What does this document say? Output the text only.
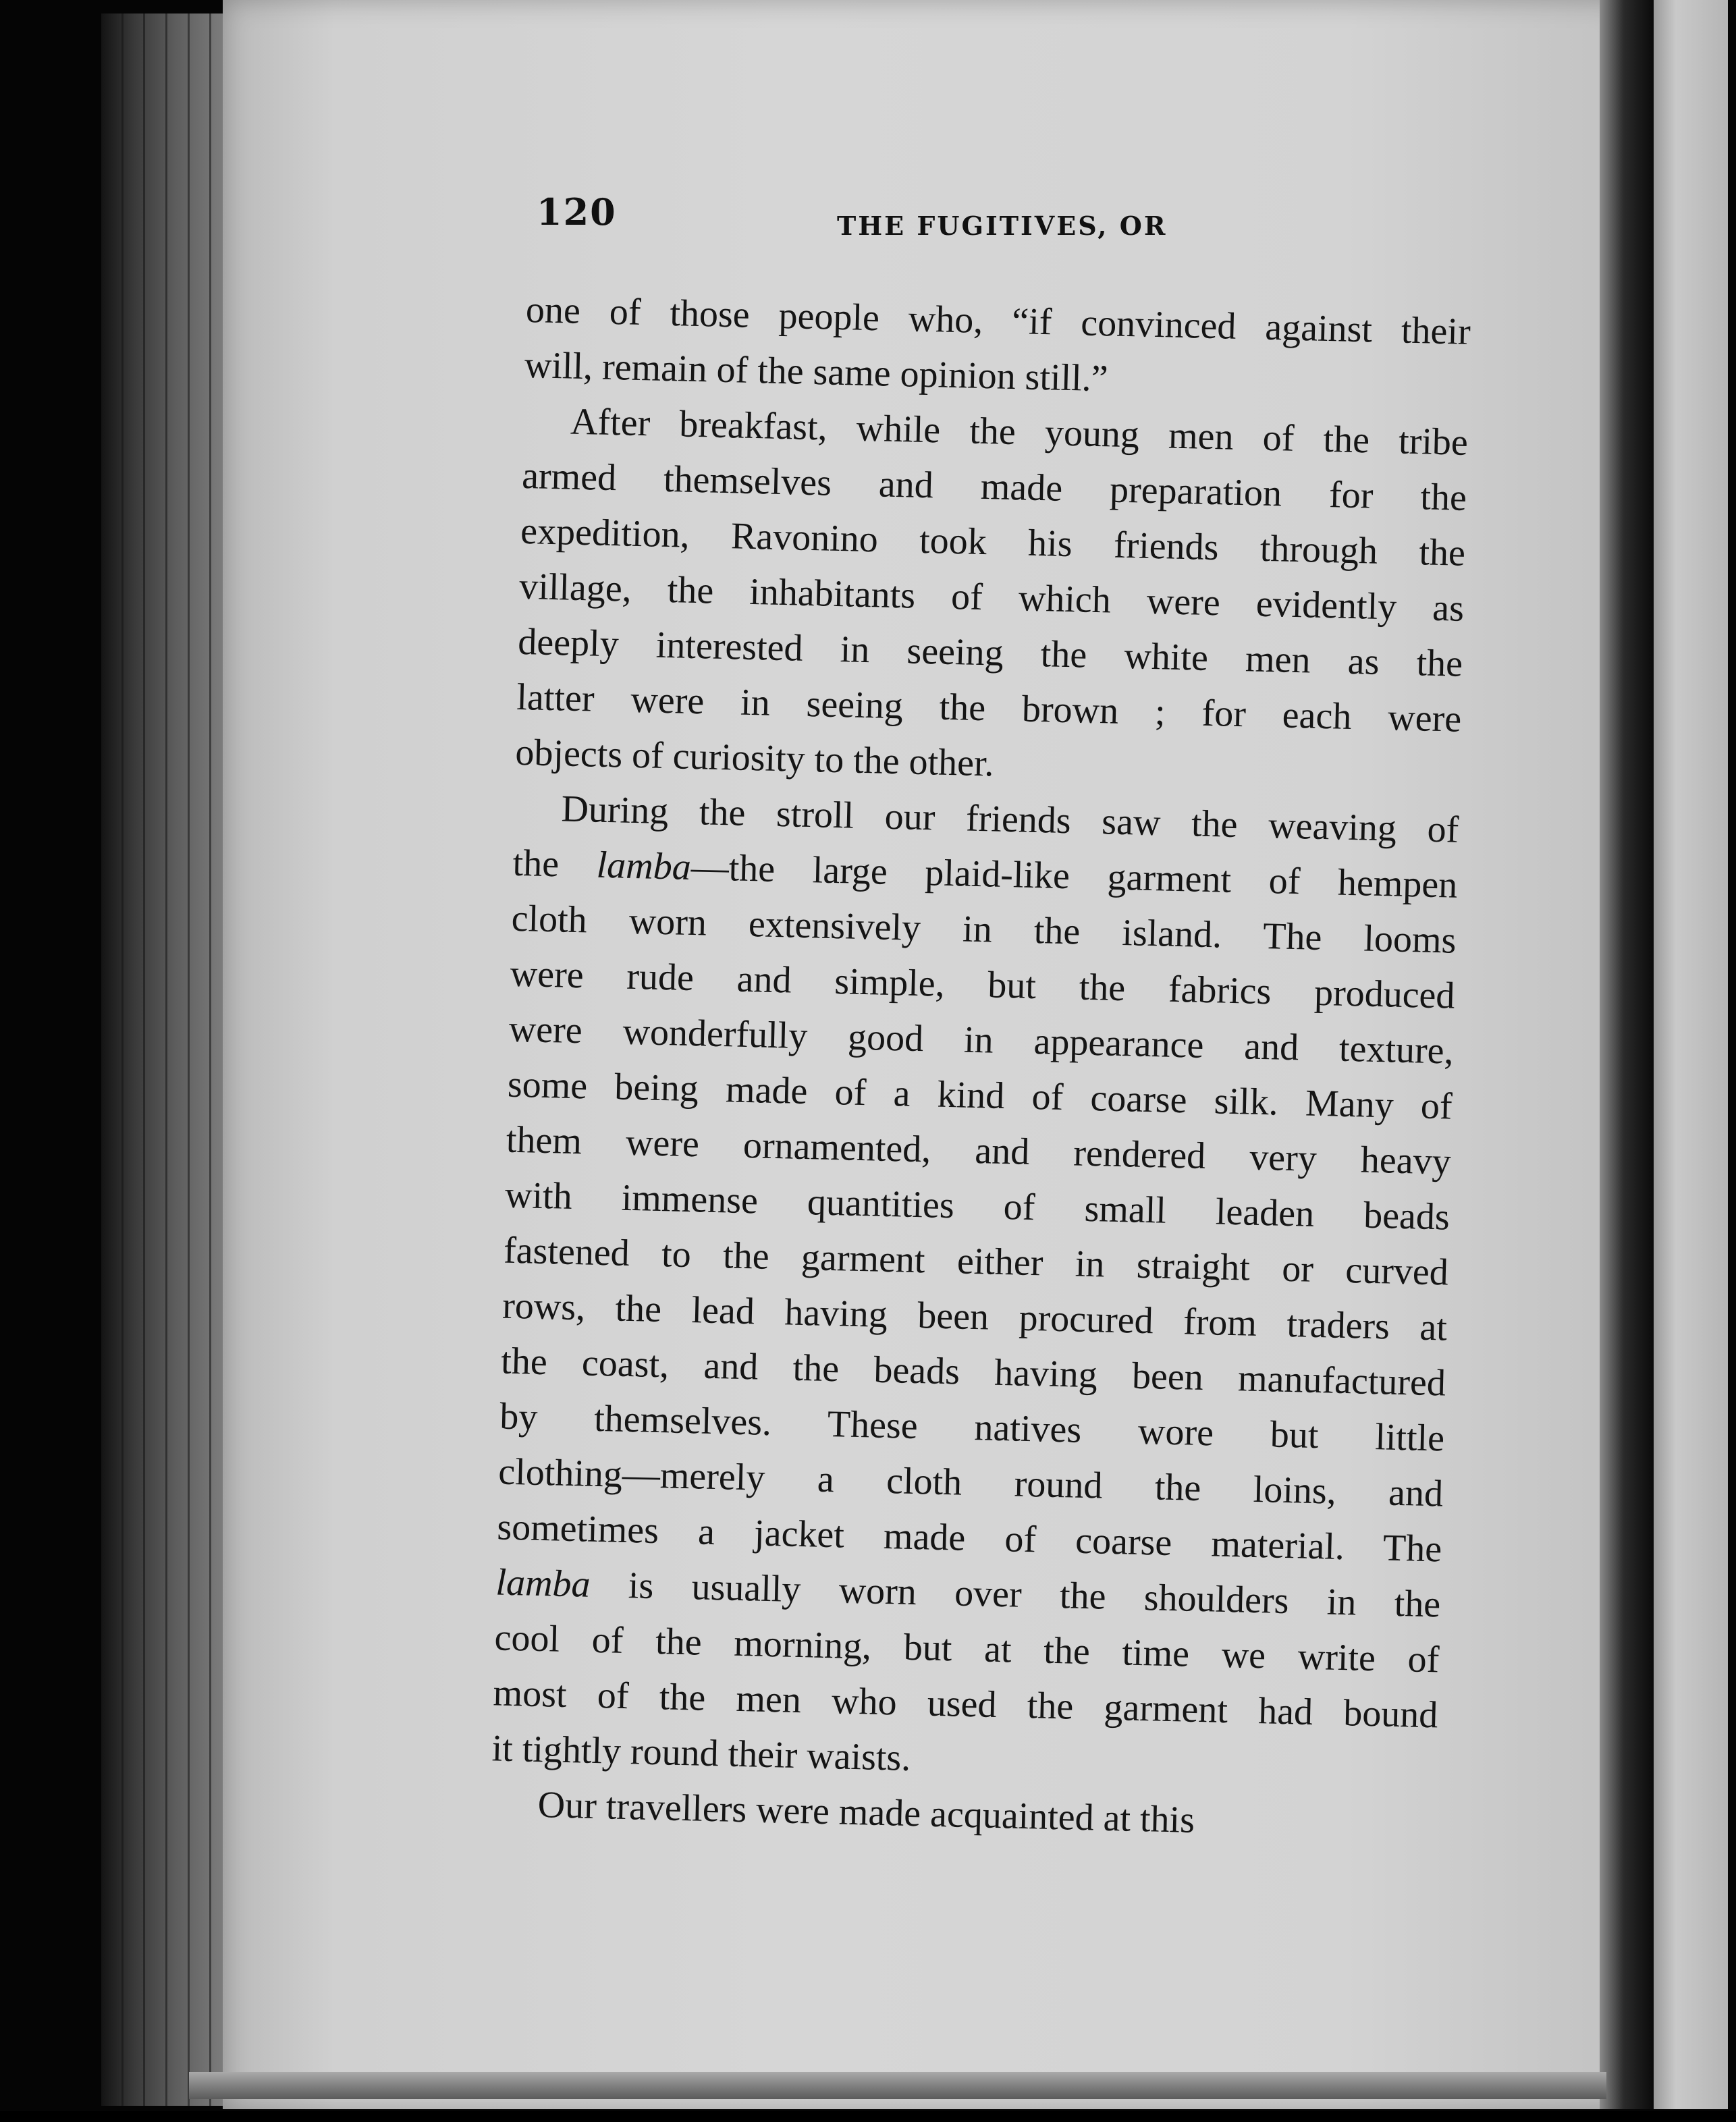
120	THE FUGITIVES, OR
one of those people who, “if convinced against their
will, remain of the same opinion still.”
After breakfast, while the young men of the tribe
armed themselves and made preparation for the
expedition, Ravonino took his friends through the
village, the inhabitants of which were evidently as
deeply interested in seeing the white men as the
latter were in seeing the brown ; for each were
objects of curiosity to the other.
During the stroll our friends saw the weaving of
the lamba—the large plaid-like garment of hempen
cloth worn extensively in the island. The looms
were rude and simple, but the fabrics produced
were wonderfully good in appearance and texture,
some being made of a kind of coarse silk. Many of
them were ornamented, and rendered very heavy
with immense quantities of small leaden beads
fastened to the garment either in straight or curved
rows, the lead having been procured from traders at
the coast, and the beads having been manufactured
by themselves. These natives wore but little
clothing—merely a cloth round the loins, and
sometimes a jacket made of coarse material. The
lamba is usually worn over the shoulders in the
cool of the morning, but at the time we write of
most of the men who used the garment had bound
it tightly round their waists.
Our travellers were made acquainted at this
